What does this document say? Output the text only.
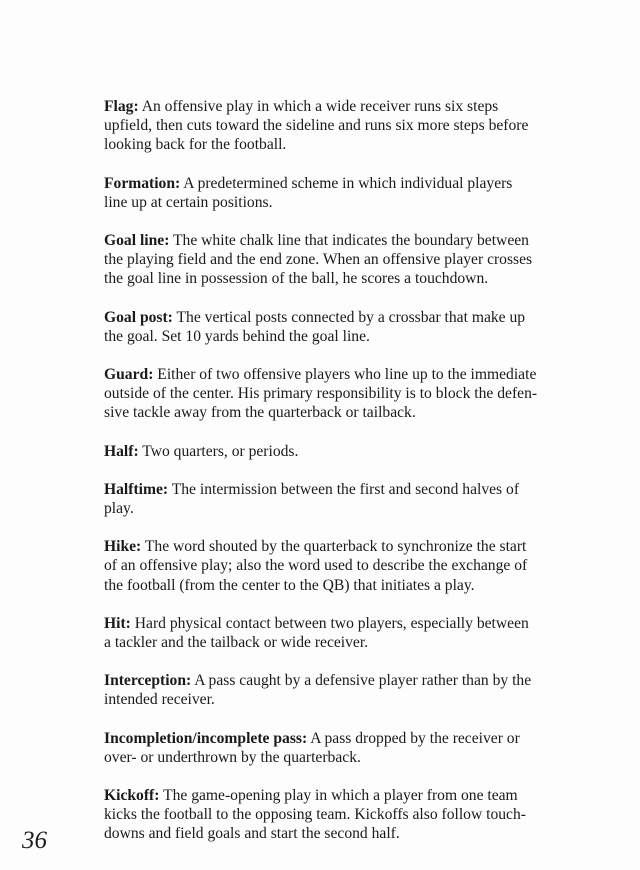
Flag: An offensive play in which a wide receiver runs six steps upfield, then cuts toward the sideline and runs six more steps before looking back for the football.

Formation: A predetermined scheme in which individual players line up at certain positions.

Goal line: The white chalk line that indicates the boundary between the playing field and the end zone. When an offensive player crosses the goal line in possession of the ball, he scores a touchdown.

Goal post: The vertical posts connected by a crossbar that make up the goal. Set 10 yards behind the goal line.

Guard: Either of two offensive players who line up to the immediate outside of the center. His primary responsibility is to block the defen-sive tackle away from the quarterback or tailback.

Half: Two quarters, or periods.

Halftime: The intermission between the first and second halves of play.

Hike: The word shouted by the quarterback to synchronize the start of an offensive play; also the word used to describe the exchange of the football (from the center to the QB) that initiates a play.

Hit: Hard physical contact between two players, especially between a tackler and the tailback or wide receiver.

Interception: A pass caught by a defensive player rather than by the intended receiver.

Incompletion/incomplete pass: A pass dropped by the receiver or over- or underthrown by the quarterback.

Kickoff: The game-opening play in which a player from one team kicks the football to the opposing team. Kickoffs also follow touch-downs and field goals and start the second half.

36
